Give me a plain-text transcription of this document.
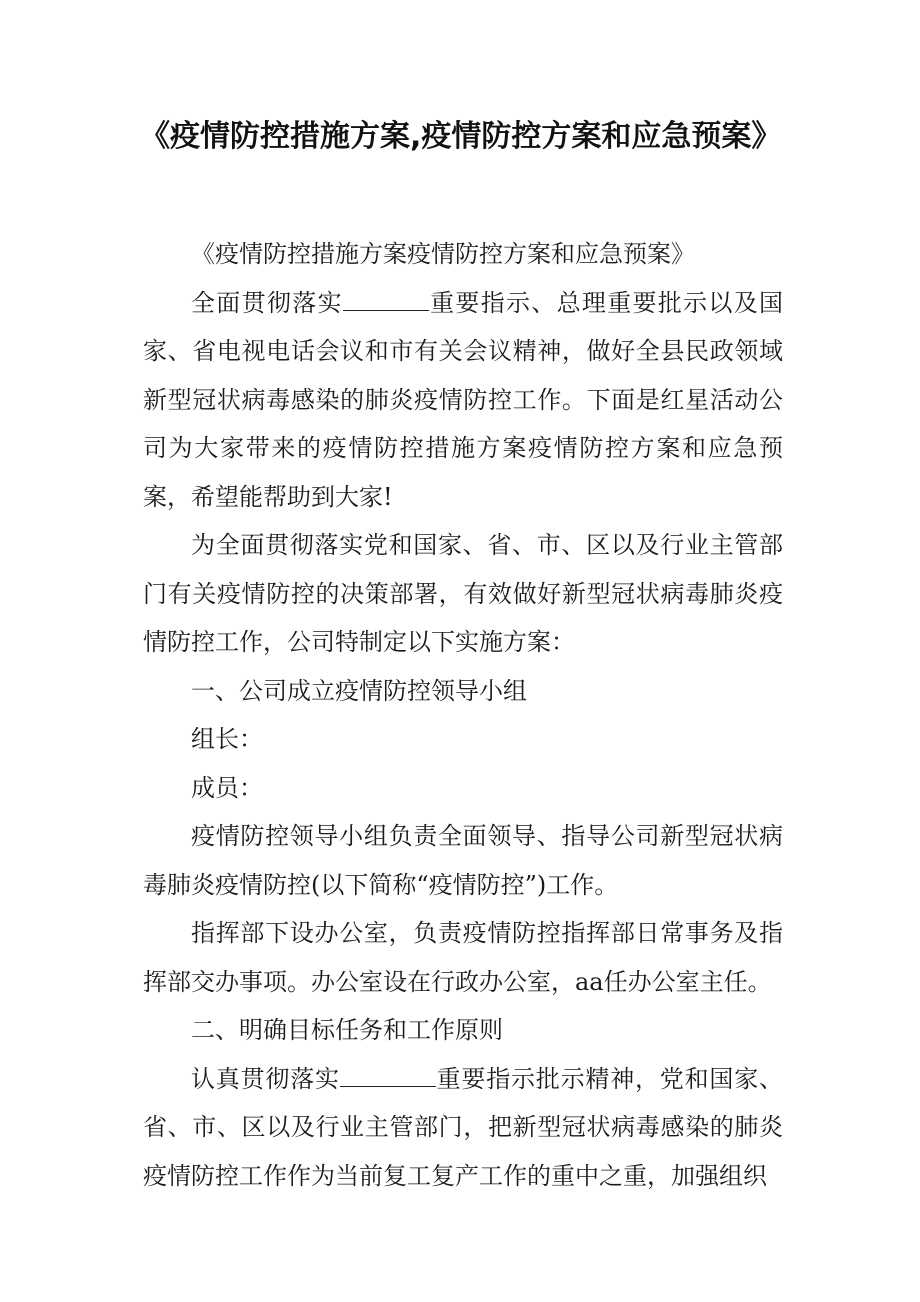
《疫情防控措施方案,疫情防控方案和应急预案》

《疫情防控措施方案疫情防控方案和应急预案》

全面贯彻落实	重要指示、总理重要批示以及国家、省电视电话会议和市有关会议精神，做好全县民政领域新型冠状病毒感染的肺炎疫情防控工作。下面是红星活动公司为大家带来的疫情防控措施方案疫情防控方案和应急预案，希望能帮助到大家!

为全面贯彻落实党和国家、省、市、区以及行业主管部门有关疫情防控的决策部署，有效做好新型冠状病毒肺炎疫情防控工作，公司特制定以下实施方案：

一、公司成立疫情防控领导小组

组长：

成员：

疫情防控领导小组负责全面领导、指导公司新型冠状病毒肺炎疫情防控(以下简称“疫情防控”)工作。

指挥部下设办公室，负责疫情防控指挥部日常事务及指挥部交办事项。办公室设在行政办公室，aa任办公室主任。

二、明确目标任务和工作原则

认真贯彻落实	重要指示批示精神，党和国家、省、市、区以及行业主管部门，把新型冠状病毒感染的肺炎疫情防控工作作为当前复工复产工作的重中之重，加强组织
